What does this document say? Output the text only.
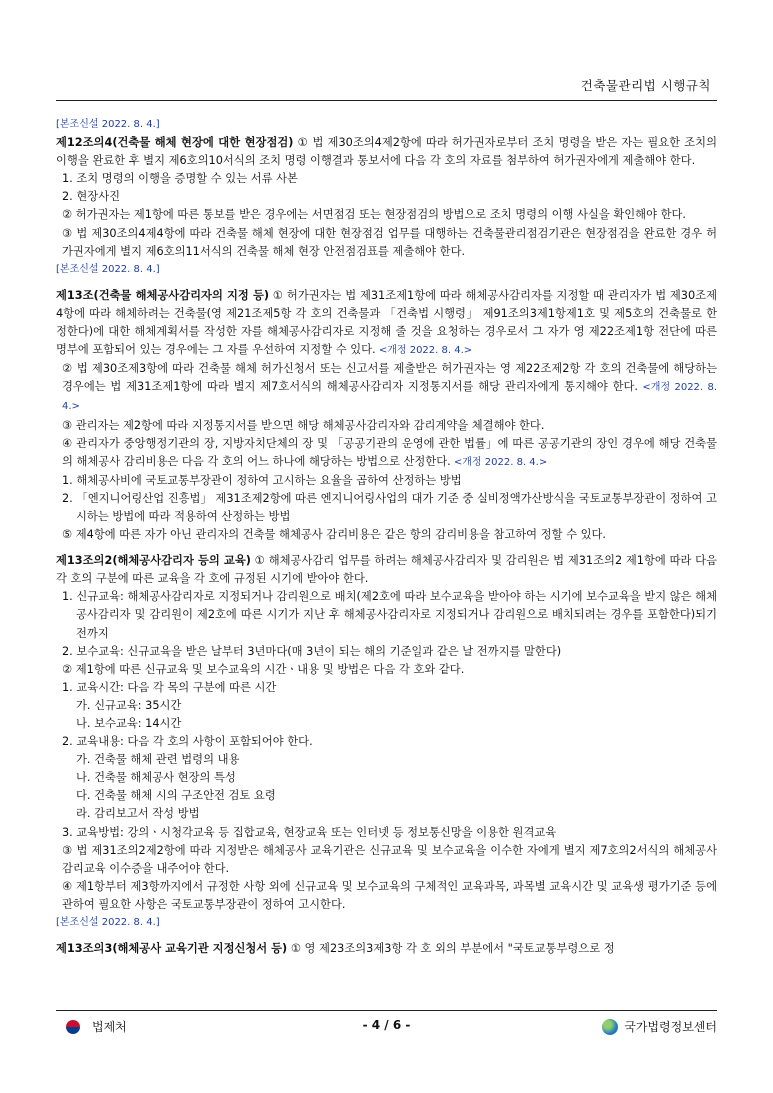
건축물관리법 시행규칙

[본조신설 2022. 8. 4.]

제12조의4(건축물 해체 현장에 대한 현장점검) ① 법 제30조의4제2항에 따라 허가권자로부터 조치 명령을 받은 자는 필요한 조치의 이행을 완료한 후 별지 제6호의10서식의 조치 명령 이행결과 통보서에 다음 각 호의 자료를 첨부하여 허가권자에게 제출해야 한다.

1. 조치 명령의 이행을 증명할 수 있는 서류 사본

2. 현장사진

② 허가권자는 제1항에 따른 통보를 받은 경우에는 서면점검 또는 현장점검의 방법으로 조치 명령의 이행 사실을 확인해야 한다.

③ 법 제30조의4제4항에 따라 건축물 해체 현장에 대한 현장점검 업무를 대행하는 건축물관리점검기관은 현장점검을 완료한 경우 허가권자에게 별지 제6호의11서식의 건축물 해체 현장 안전점검표를 제출해야 한다.

[본조신설 2022. 8. 4.]

제13조(건축물 해체공사감리자의 지정 등) ① 허가권자는 법 제31조제1항에 따라 해체공사감리자를 지정할 때 관리자가 법 제30조제4항에 따라 해체하려는 건축물(영 제21조제5항 각 호의 건축물과 「건축법 시행령」 제91조의3제1항제1호 및 제5호의 건축물로 한정한다)에 대한 해체계획서를 작성한 자를 해체공사감리자로 지정해 줄 것을 요청하는 경우로서 그 자가 영 제22조제1항 전단에 따른 명부에 포함되어 있는 경우에는 그 자를 우선하여 지정할 수 있다. <개정 2022. 8. 4.>

② 법 제30조제3항에 따라 건축물 해체 허가신청서 또는 신고서를 제출받은 허가권자는 영 제22조제2항 각 호의 건축물에 해당하는 경우에는 법 제31조제1항에 따라 별지 제7호서식의 해체공사감리자 지정통지서를 해당 관리자에게 통지해야 한다. <개정 2022. 8. 4.>

③ 관리자는 제2항에 따라 지정통지서를 받으면 해당 해체공사감리자와 감리계약을 체결해야 한다.

④ 관리자가 중앙행정기관의 장, 지방자치단체의 장 및 「공공기관의 운영에 관한 법률」에 따른 공공기관의 장인 경우에 해당 건축물의 해체공사 감리비용은 다음 각 호의 어느 하나에 해당하는 방법으로 산정한다. <개정 2022. 8. 4.>

1. 해체공사비에 국토교통부장관이 정하여 고시하는 요율을 곱하여 산정하는 방법

2. 「엔지니어링산업 진흥법」 제31조제2항에 따른 엔지니어링사업의 대가 기준 중 실비정액가산방식을 국토교통부장관이 정하여 고시하는 방법에 따라 적용하여 산정하는 방법

⑤ 제4항에 따른 자가 아닌 관리자의 건축물 해체공사 감리비용은 같은 항의 감리비용을 참고하여 정할 수 있다.

제13조의2(해체공사감리자 등의 교육) ① 해체공사감리 업무를 하려는 해체공사감리자 및 감리원은 법 제31조의2 제1항에 따라 다음 각 호의 구분에 따른 교육을 각 호에 규정된 시기에 받아야 한다.

1. 신규교육: 해체공사감리자로 지정되거나 감리원으로 배치(제2호에 따라 보수교육을 받아야 하는 시기에 보수교육을 받지 않은 해체공사감리자 및 감리원이 제2호에 따른 시기가 지난 후 해체공사감리자로 지정되거나 감리원으로 배치되려는 경우를 포함한다)되기 전까지

2. 보수교육: 신규교육을 받은 날부터 3년마다(매 3년이 되는 해의 기준일과 같은 날 전까지를 말한다)

② 제1항에 따른 신규교육 및 보수교육의 시간ㆍ내용 및 방법은 다음 각 호와 같다.

1. 교육시간: 다음 각 목의 구분에 따른 시간

가. 신규교육: 35시간

나. 보수교육: 14시간

2. 교육내용: 다음 각 호의 사항이 포함되어야 한다.

가. 건축물 해체 관련 법령의 내용

나. 건축물 해체공사 현장의 특성

다. 건축물 해체 시의 구조안전 검토 요령

라. 감리보고서 작성 방법

3. 교육방법: 강의ㆍ시청각교육 등 집합교육, 현장교육 또는 인터넷 등 정보통신망을 이용한 원격교육

③ 법 제31조의2제2항에 따라 지정받은 해체공사 교육기관은 신규교육 및 보수교육을 이수한 자에게 별지 제7호의2서식의 해체공사 감리교육 이수증을 내주어야 한다.

④ 제1항부터 제3항까지에서 규정한 사항 외에 신규교육 및 보수교육의 구체적인 교육과목, 과목별 교육시간 및 교육생 평가기준 등에 관하여 필요한 사항은 국토교통부장관이 정하여 고시한다.

[본조신설 2022. 8. 4.]

제13조의3(해체공사 교육기관 지정신청서 등) ① 영 제23조의3제3항 각 호 외의 부분에서 "국토교통부령으로 정

법제처	- 4 / 6 -	국가법령정보센터
